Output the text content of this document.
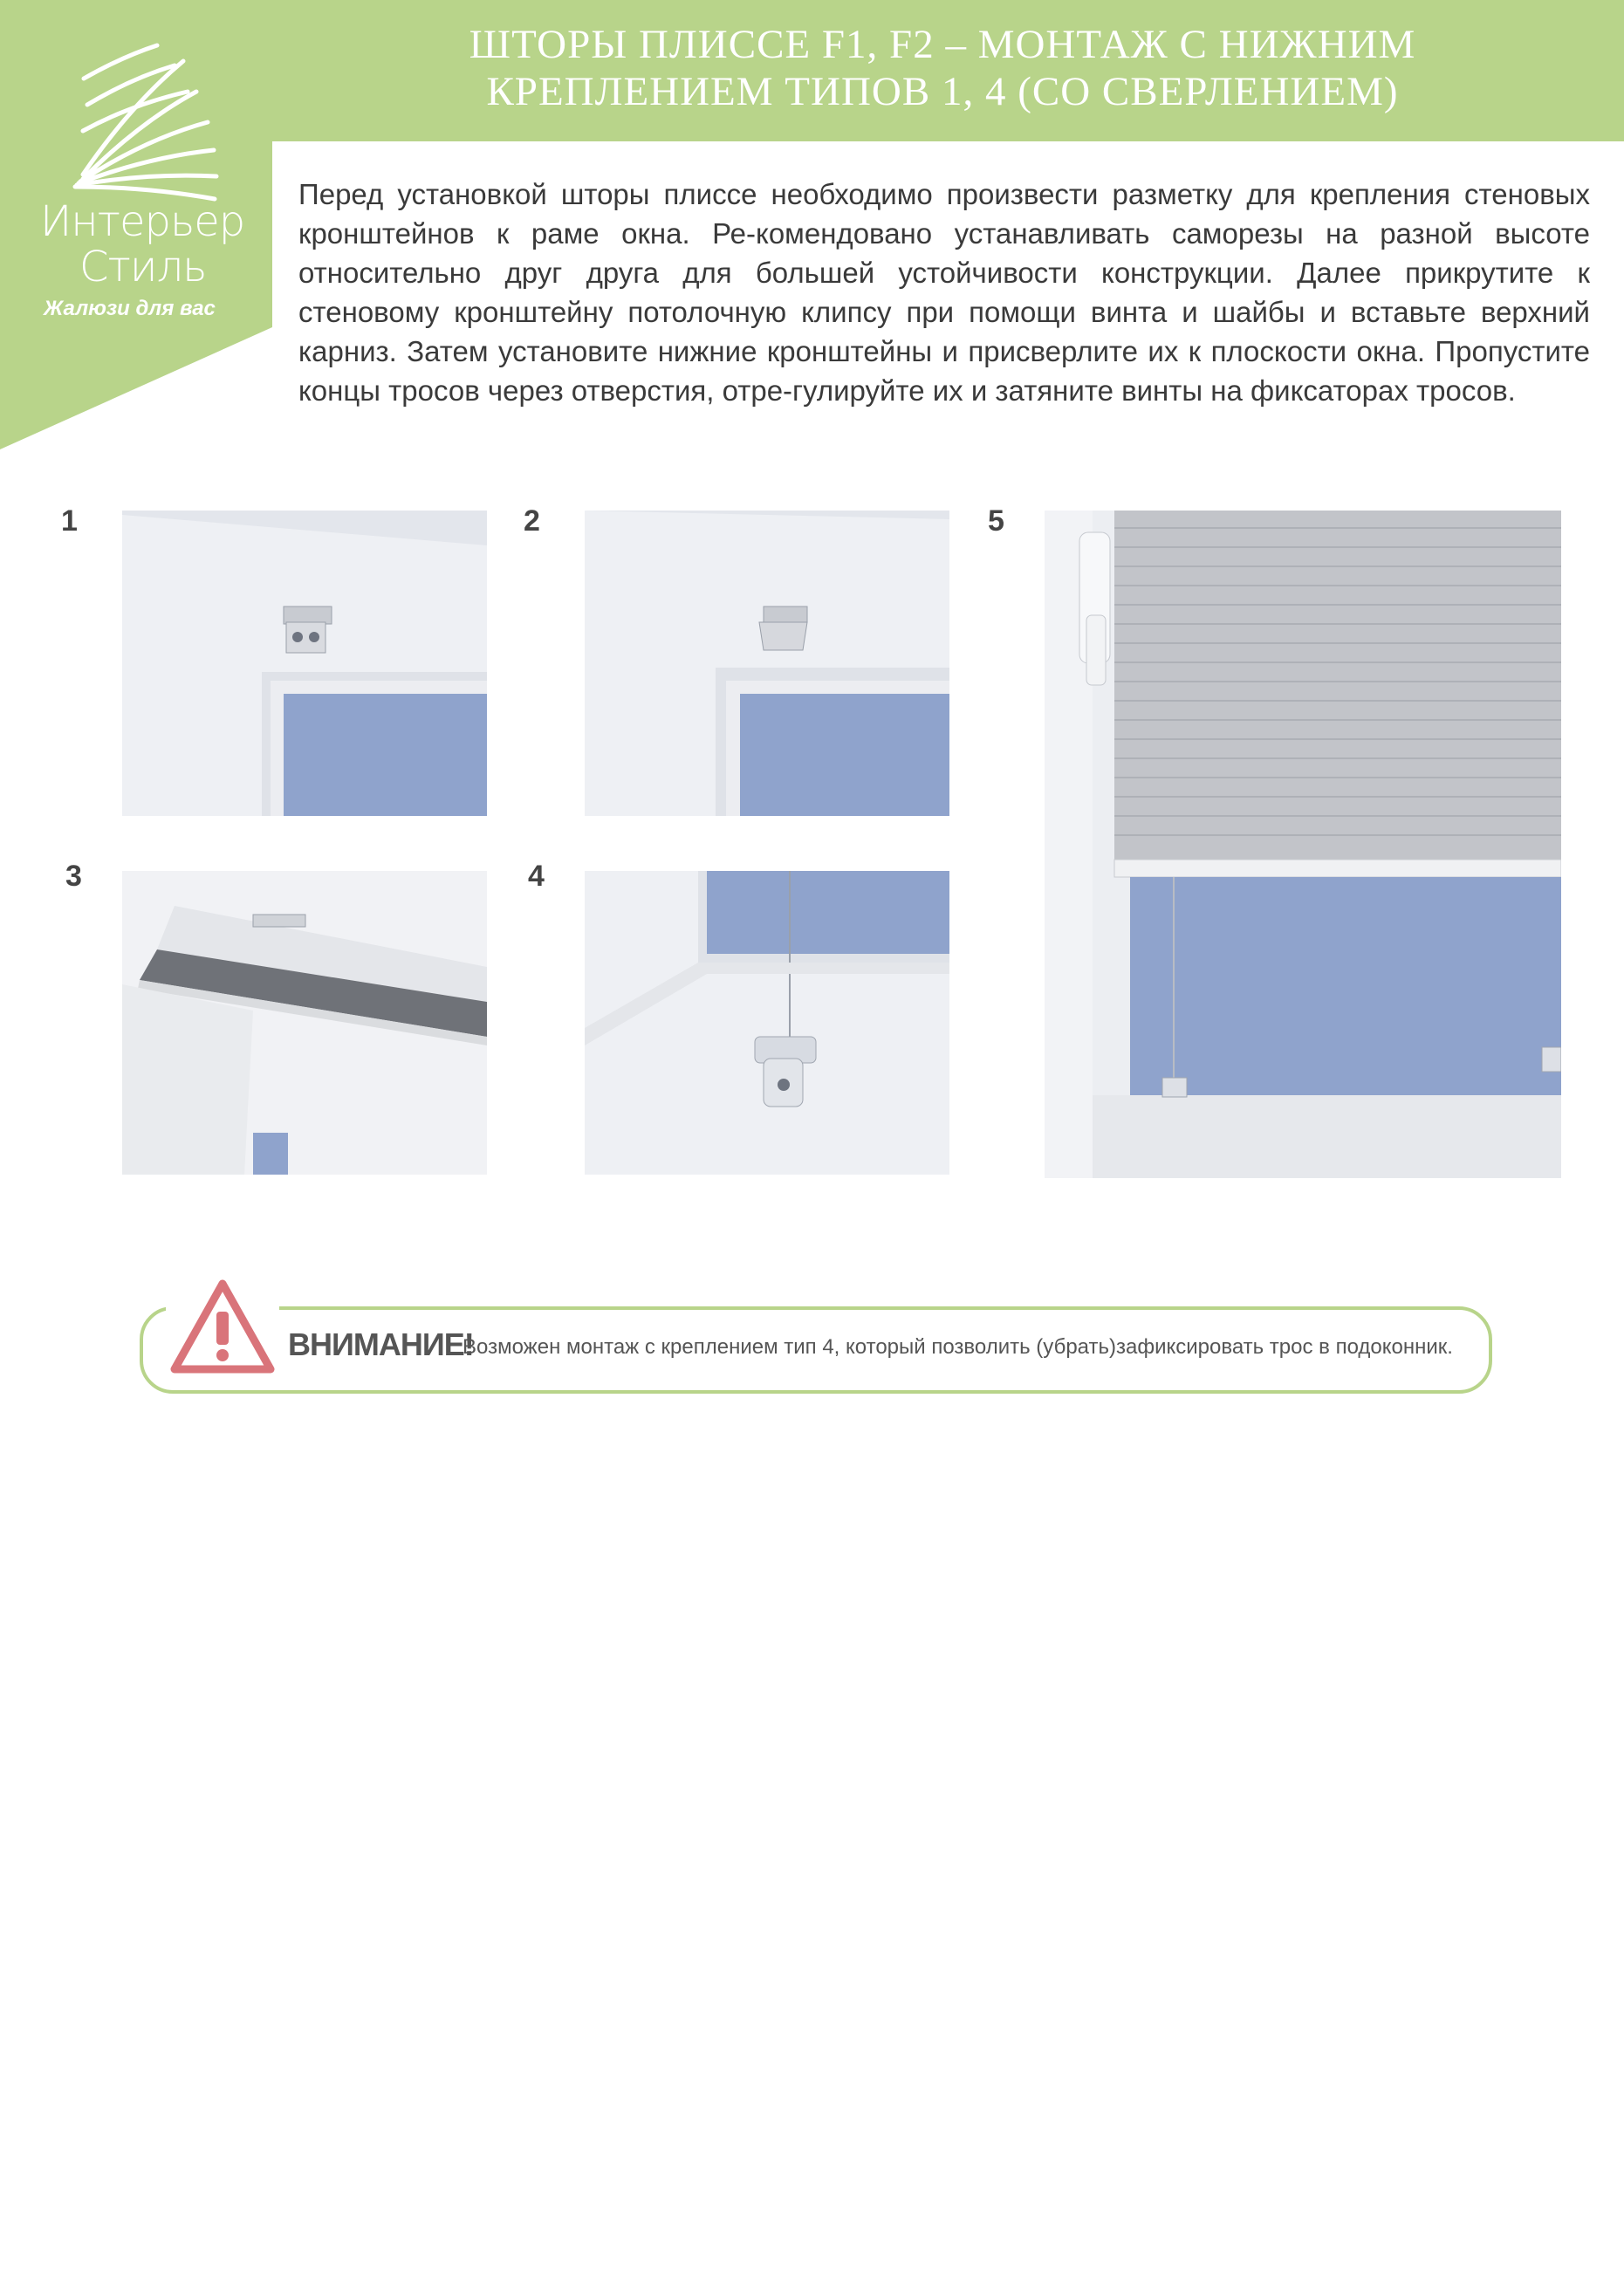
ШТОРЫ ПЛИССЕ F1, F2 – МОНТАЖ С НИЖНИМ
КРЕПЛЕНИЕМ ТИПОВ 1, 4 (СО СВЕРЛЕНИЕМ)
Интерьер
Стиль
Жалюзи для вас
Перед установкой шторы плиссе необходимо произвести разметку для крепления стеновых кронштейнов к раме окна. Ре-комендовано устанавливать саморезы на разной высоте относительно друг друга для большей устойчивости конструкции. Далее прикрутите к стеновому кронштейну потолочную клипсу при помощи винта и шайбы и вставьте верхний карниз. Затем установите нижние кронштейны и присверлите их к плоскости окна. Пропустите концы тросов через отверстия, отре-гулируйте их и затяните винты на фиксаторах тросов.
1	2
3	4
5
ВНИМАНИЕ!
Возможен монтаж с креплением тип 4, который позволить (убрать)зафиксировать трос в подоконник.
